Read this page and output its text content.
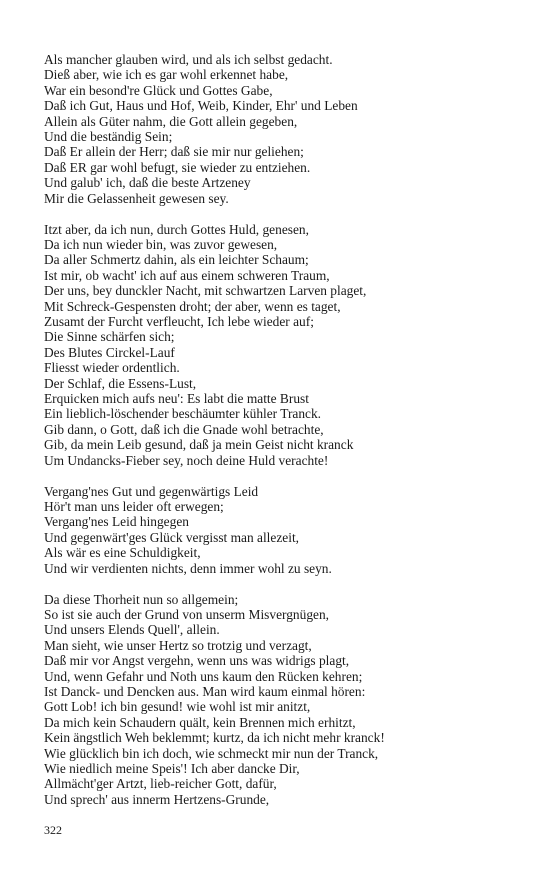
Als mancher glauben wird, und als ich selbst gedacht.
Dieß aber, wie ich es gar wohl erkennet habe,
War ein besond're Glück und Gottes Gabe,
Daß ich Gut, Haus und Hof, Weib, Kinder, Ehr' und Leben
Allein als Güter nahm, die Gott allein gegeben,
Und die beständig Sein;
Daß Er allein der Herr; daß sie mir nur geliehen;
Daß ER gar wohl befugt, sie wieder zu entziehen.
Und galub' ich, daß die beste Artzeney
Mir die Gelassenheit gewesen sey.
Itzt aber, da ich nun, durch Gottes Huld, genesen,
Da ich nun wieder bin, was zuvor gewesen,
Da aller Schmertz dahin, als ein leichter Schaum;
Ist mir, ob wacht' ich auf aus einem schweren Traum,
Der uns, bey dunckler Nacht, mit schwartzen Larven plaget,
Mit Schreck-Gespensten droht; der aber, wenn es taget,
Zusamt der Furcht verfleucht, Ich lebe wieder auf;
Die Sinne schärfen sich;
Des Blutes Circkel-Lauf
Fliesst wieder ordentlich.
Der Schlaf, die Essens-Lust,
Erquicken mich aufs neu': Es labt die matte Brust
Ein lieblich-löschender beschäumter kühler Tranck.
Gib dann, o Gott, daß ich die Gnade wohl betrachte,
Gib, da mein Leib gesund, daß ja mein Geist nicht kranck
Um Undancks-Fieber sey, noch deine Huld verachte!
Vergang'nes Gut und gegenwärtigs Leid
Hör't man uns leider oft erwegen;
Vergang'nes Leid hingegen
Und gegenwärt'ges Glück vergisst man allezeit,
Als wär es eine Schuldigkeit,
Und wir verdienten nichts, denn immer wohl zu seyn.
Da diese Thorheit nun so allgemein;
So ist sie auch der Grund von unserm Misvergnügen,
Und unsers Elends Quell', allein.
Man sieht, wie unser Hertz so trotzig und verzagt,
Daß mir vor Angst vergehn, wenn uns was widrigs plagt,
Und, wenn Gefahr und Noth uns kaum den Rücken kehren;
Ist Danck- und Dencken aus. Man wird kaum einmal hören:
Gott Lob! ich bin gesund! wie wohl ist mir anitzt,
Da mich kein Schaudern quält, kein Brennen mich erhitzt,
Kein ängstlich Weh beklemmt; kurtz, da ich nicht mehr kranck!
Wie glücklich bin ich doch, wie schmeckt mir nun der Tranck,
Wie niedlich meine Speis'! Ich aber dancke Dir,
Allmächt'ger Artzt, lieb-reicher Gott, dafür,
Und sprech' aus innerm Hertzens-Grunde,
322
